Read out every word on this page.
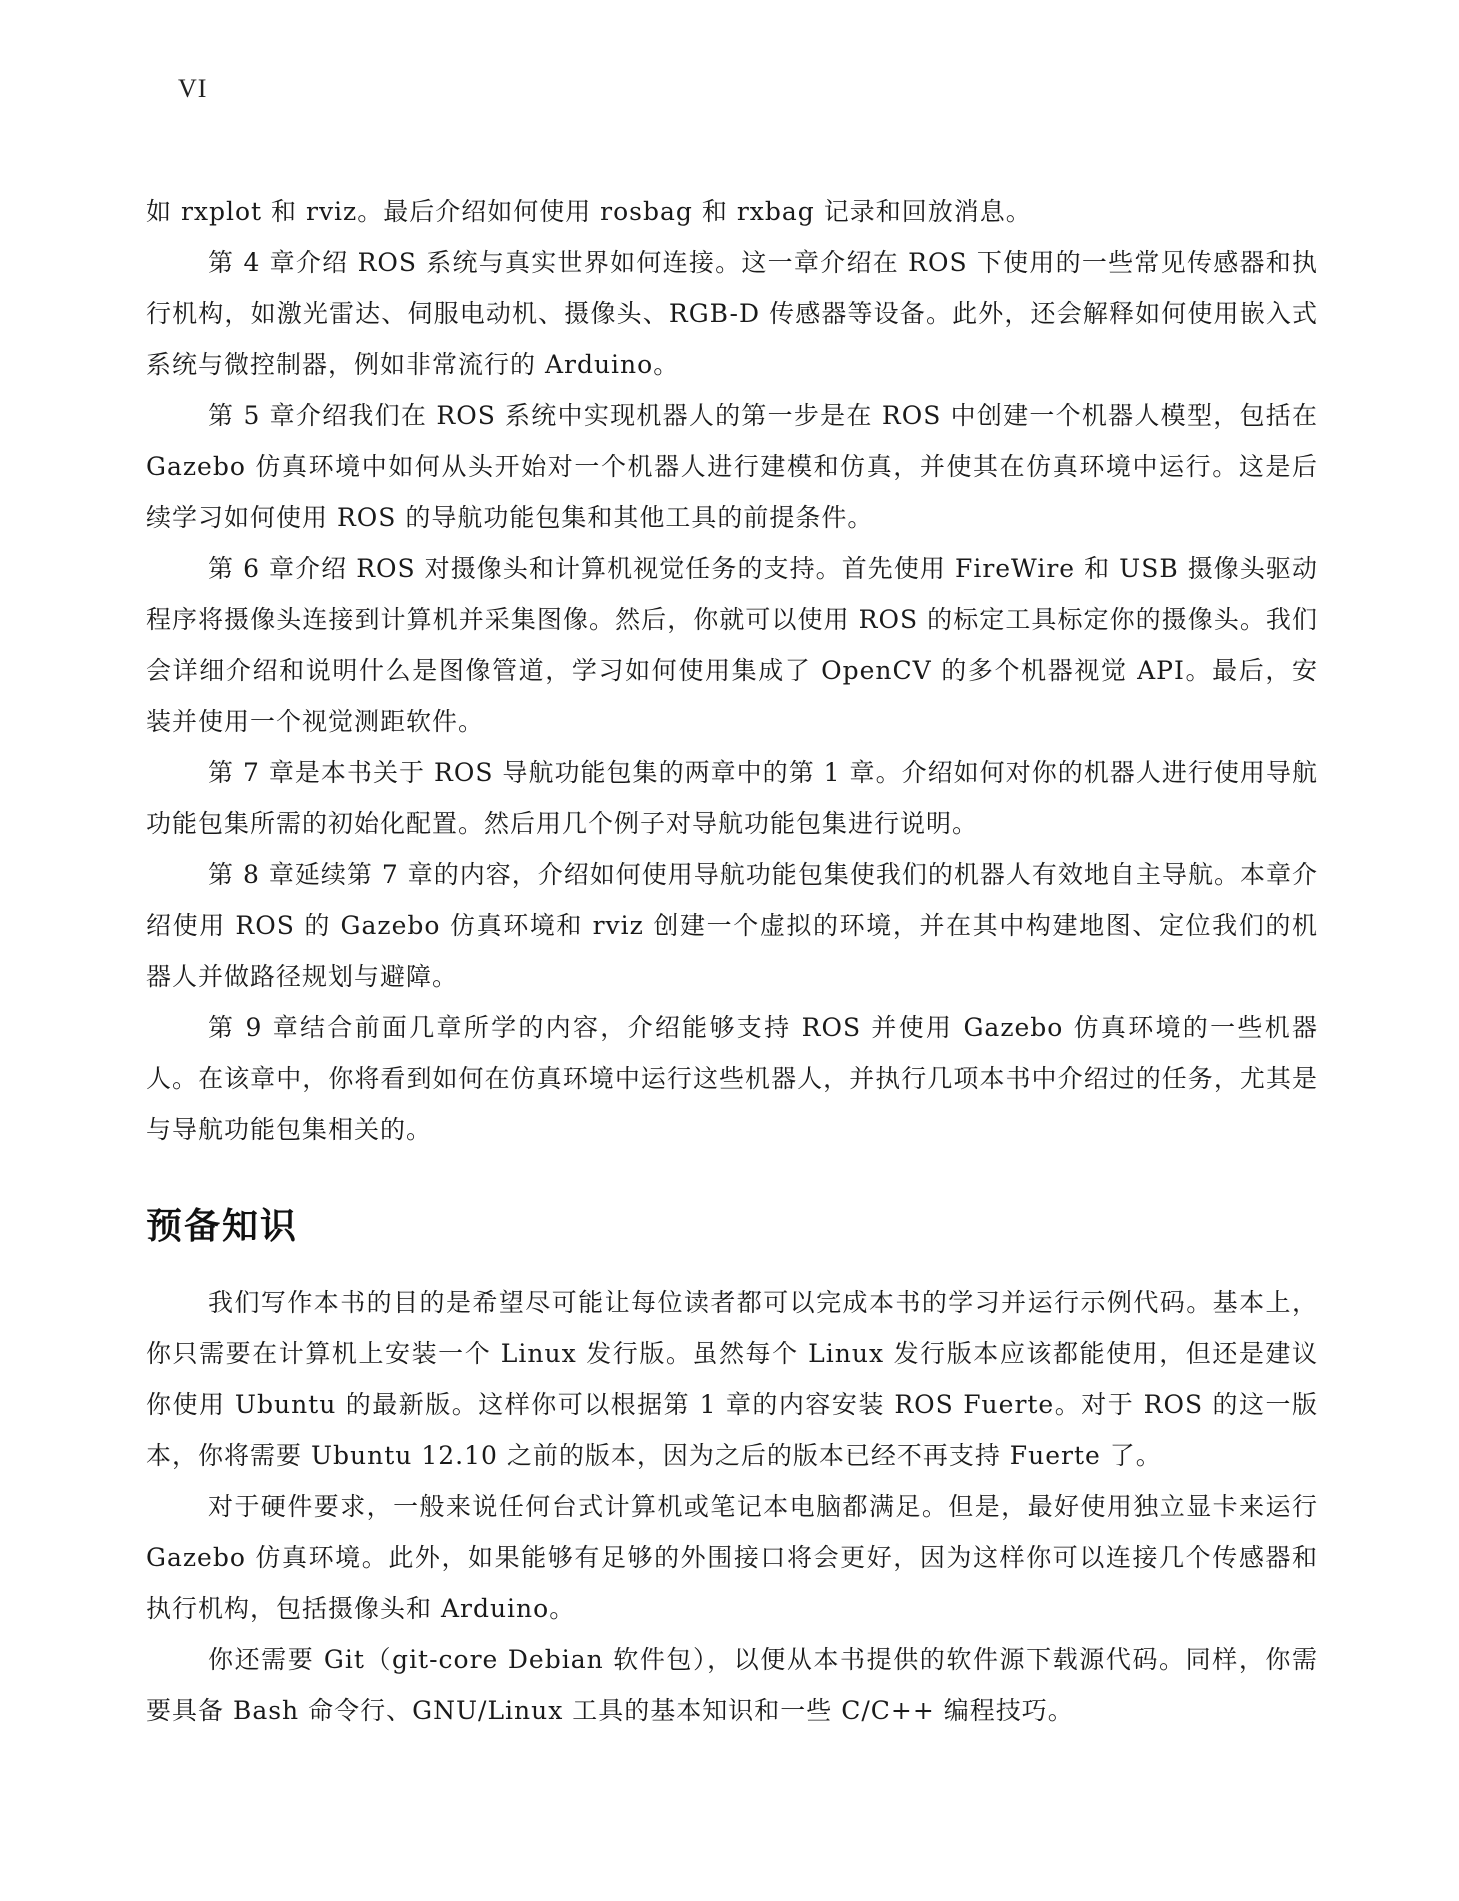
VI

如 rxplot 和 rviz。最后介绍如何使用 rosbag 和 rxbag 记录和回放消息。

第 4 章介绍 ROS 系统与真实世界如何连接。这一章介绍在 ROS 下使用的一些常见传感器和执行机构，如激光雷达、伺服电动机、摄像头、RGB-D 传感器等设备。此外，还会解释如何使用嵌入式系统与微控制器，例如非常流行的 Arduino。

第 5 章介绍我们在 ROS 系统中实现机器人的第一步是在 ROS 中创建一个机器人模型，包括在 Gazebo 仿真环境中如何从头开始对一个机器人进行建模和仿真，并使其在仿真环境中运行。这是后续学习如何使用 ROS 的导航功能包集和其他工具的前提条件。

第 6 章介绍 ROS 对摄像头和计算机视觉任务的支持。首先使用 FireWire 和 USB 摄像头驱动程序将摄像头连接到计算机并采集图像。然后，你就可以使用 ROS 的标定工具标定你的摄像头。我们会详细介绍和说明什么是图像管道，学习如何使用集成了 OpenCV 的多个机器视觉 API。最后，安装并使用一个视觉测距软件。

第 7 章是本书关于 ROS 导航功能包集的两章中的第 1 章。介绍如何对你的机器人进行使用导航功能包集所需的初始化配置。然后用几个例子对导航功能包集进行说明。

第 8 章延续第 7 章的内容，介绍如何使用导航功能包集使我们的机器人有效地自主导航。本章介绍使用 ROS 的 Gazebo 仿真环境和 rviz 创建一个虚拟的环境，并在其中构建地图、定位我们的机器人并做路径规划与避障。

第 9 章结合前面几章所学的内容，介绍能够支持 ROS 并使用 Gazebo 仿真环境的一些机器人。在该章中，你将看到如何在仿真环境中运行这些机器人，并执行几项本书中介绍过的任务，尤其是与导航功能包集相关的。

预备知识

我们写作本书的目的是希望尽可能让每位读者都可以完成本书的学习并运行示例代码。基本上，你只需要在计算机上安装一个 Linux 发行版。虽然每个 Linux 发行版本应该都能使用，但还是建议你使用 Ubuntu 的最新版。这样你可以根据第 1 章的内容安装 ROS Fuerte。对于 ROS 的这一版本，你将需要 Ubuntu 12.10 之前的版本，因为之后的版本已经不再支持 Fuerte 了。

对于硬件要求，一般来说任何台式计算机或笔记本电脑都满足。但是，最好使用独立显卡来运行 Gazebo 仿真环境。此外，如果能够有足够的外围接口将会更好，因为这样你可以连接几个传感器和执行机构，包括摄像头和 Arduino。

你还需要 Git（git-core Debian 软件包），以便从本书提供的软件源下载源代码。同样，你需要具备 Bash 命令行、GNU/Linux 工具的基本知识和一些 C/C++ 编程技巧。
